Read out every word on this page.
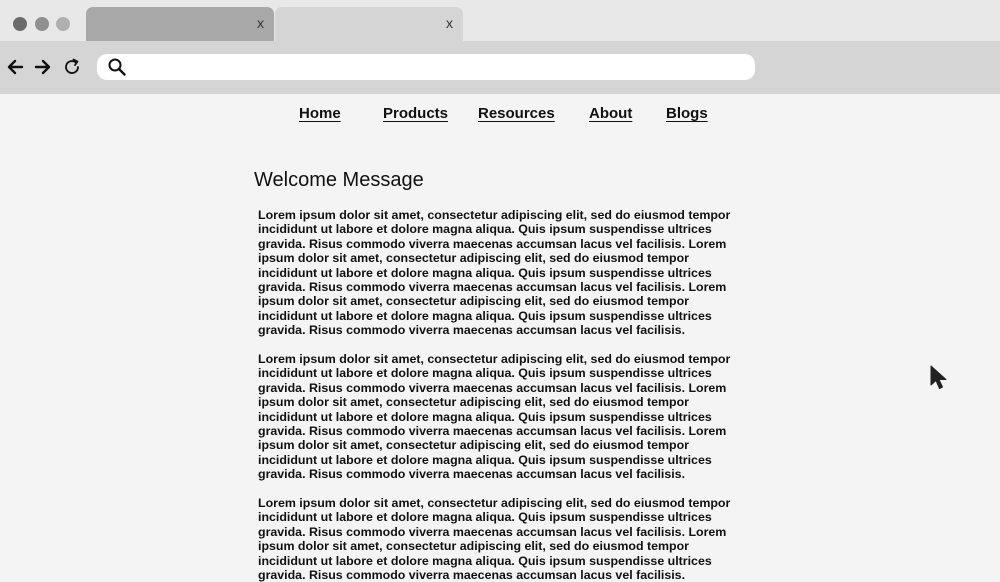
x	x
Home	Products Resources About Blogs
Welcome Message

Lorem ipsum dolor sit amet, consectetur adipiscing elit, sed do eiusmod tempor incididunt ut labore et dolore magna aliqua. Quis ipsum suspendisse ultrices gravida. Risus commodo viverra maecenas accumsan lacus vel facilisis. Lorem ipsum dolor sit amet, consectetur adipiscing elit, sed do eiusmod tempor incididunt ut labore et dolore magna aliqua. Quis ipsum suspendisse ultrices gravida. Risus commodo viverra maecenas accumsan lacus vel facilisis. Lorem ipsum dolor sit amet, consectetur adipiscing elit, sed do eiusmod tempor incididunt ut labore et dolore magna aliqua. Quis ipsum suspendisse ultrices gravida. Risus commodo viverra maecenas accumsan lacus vel facilisis.

Lorem ipsum dolor sit amet, consectetur adipiscing elit, sed do eiusmod tempor incididunt ut labore et dolore magna aliqua. Quis ipsum suspendisse ultrices gravida. Risus commodo viverra maecenas accumsan lacus vel facilisis. Lorem ipsum dolor sit amet, consectetur adipiscing elit, sed do eiusmod tempor incididunt ut labore et dolore magna aliqua. Quis ipsum suspendisse ultrices gravida. Risus commodo viverra maecenas accumsan lacus vel facilisis. Lorem ipsum dolor sit amet, consectetur adipiscing elit, sed do eiusmod tempor incididunt ut labore et dolore magna aliqua. Quis ipsum suspendisse ultrices gravida. Risus commodo viverra maecenas accumsan lacus vel facilisis.

Lorem ipsum dolor sit amet, consectetur adipiscing elit, sed do eiusmod tempor incididunt ut labore et dolore magna aliqua. Quis ipsum suspendisse ultrices gravida. Risus commodo viverra maecenas accumsan lacus vel facilisis. Lorem ipsum dolor sit amet, consectetur adipiscing elit, sed do eiusmod tempor incididunt ut labore et dolore magna aliqua. Quis ipsum suspendisse ultrices gravida. Risus commodo viverra maecenas accumsan lacus vel facilisis.
